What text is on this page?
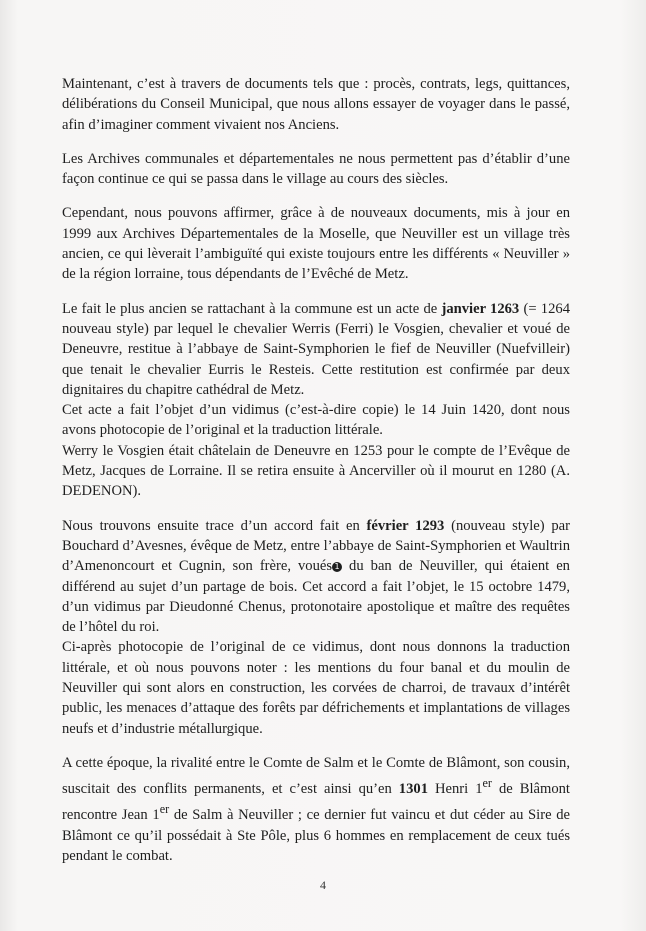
Maintenant, c’est à travers de documents tels que : procès, contrats, legs, quittances, délibérations du Conseil Municipal, que nous allons essayer de voyager dans le passé, afin d’imaginer comment vivaient nos Anciens.

Les Archives communales et départementales ne nous permettent pas d’établir d’une façon continue ce qui se passa dans le village au cours des siècles.

Cependant, nous pouvons affirmer, grâce à de nouveaux documents, mis à jour en 1999 aux Archives Départementales de la Moselle, que Neuviller est un village très ancien, ce qui lèverait l’ambiguïté qui existe toujours entre les différents « Neuviller » de la région lorraine, tous dépendants de l’Evêché de Metz.

Le fait le plus ancien se rattachant à la commune est un acte de janvier 1263 (= 1264 nouveau style) par lequel le chevalier Werris (Ferri) le Vosgien, chevalier et voué de Deneuvre, restitue à l’abbaye de Saint-Symphorien le fief de Neuviller (Nuefvilleir) que tenait le chevalier Eurris le Resteis. Cette restitution est confirmée par deux dignitaires du chapitre cathédral de Metz.

Cet acte a fait l’objet d’un vidimus (c’est-à-dire copie) le 14 Juin 1420, dont nous avons photocopie de l’original et la traduction littérale.

Werry le Vosgien était châtelain de Deneuvre en 1253 pour le compte de l’Evêque de Metz, Jacques de Lorraine. Il se retira ensuite à Ancerviller où il mourut en 1280 (A. DEDENON).

Nous trouvons ensuite trace d’un accord fait en février 1293 (nouveau style) par Bouchard d’Avesnes, évêque de Metz, entre l’abbaye de Saint-Symphorien et Waultrin d’Amenoncourt et Cugnin, son frère, voués 1 du ban de Neuviller, qui étaient en différend au sujet d’un partage de bois. Cet accord a fait l’objet, le 15 octobre 1479, d’un vidimus par Dieudonné Chenus, protonotaire apostolique et maître des requêtes de l’hôtel du roi.

Ci-après photocopie de l’original de ce vidimus, dont nous donnons la traduction littérale, et où nous pouvons noter : les mentions du four banal et du moulin de Neuviller qui sont alors en construction, les corvées de charroi, de travaux d’intérêt public, les menaces d’attaque des forêts par défrichements et implantations de villages neufs et d’industrie métallurgique.

A cette époque, la rivalité entre le Comte de Salm et le Comte de Blâmont, son cousin, suscitait des conflits permanents, et c’est ainsi qu’en 1301 Henri 1er de Blâmont rencontre Jean 1er de Salm à Neuviller ; ce dernier fut vaincu et dut céder au Sire de Blâmont ce qu’il possédait à Ste Pôle, plus 6 hommes en remplacement de ceux tués pendant le combat.

4
